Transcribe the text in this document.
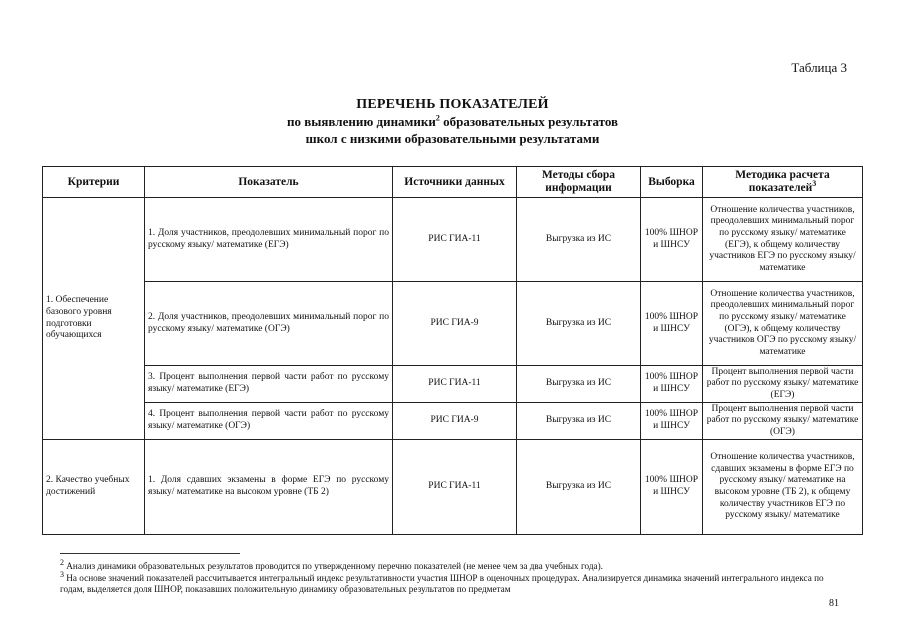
Таблица 3
ПЕРЕЧЕНЬ ПОКАЗАТЕЛЕЙ
по выявлению динамики$^2$ образовательных результатов
школ с низкими образовательными результатами
Критерии	Показатель	Источники данных	Методы сбора информации	Выборка	Методика расчета показателей$^3$
1. Обеспечение базового уровня подготовки обучающихся	1. Доля участников, преодолевших минимальный порог по русскому языку/ математике (ЕГЭ)	РИС ГИА-11	Выгрузка из ИС	100% ШНОР и ШНСУ	Отношение количества участников, преодолевших минимальный порог по русскому языку/ математике (ЕГЭ), к общему количеству участников ЕГЭ по русскому языку/ математике
	2. Доля участников, преодолевших минимальный порог по русскому языку/ математике (ОГЭ)	РИС ГИА-9	Выгрузка из ИС	100% ШНОР и ШНСУ	Отношение количества участников, преодолевших минимальный порог по русскому языку/ математике (ОГЭ), к общему количеству участников ОГЭ по русскому языку/ математике
	3. Процент выполнения первой части работ по русскому языку/ математике (ЕГЭ)	РИС ГИА-11	Выгрузка из ИС	100% ШНОР и ШНСУ	Процент выполнения первой части работ по русскому языку/ математике (ЕГЭ)
	4. Процент выполнения первой части работ по русскому языку/ математике (ОГЭ)	РИС ГИА-9	Выгрузка из ИС	100% ШНОР и ШНСУ	Процент выполнения первой части работ по русскому языку/ математике (ОГЭ)
2. Качество учебных достижений	1. Доля сдавших экзамены в форме ЕГЭ по русскому языку/ математике на высоком уровне (ТБ 2)	РИС ГИА-11	Выгрузка из ИС	100% ШНОР и ШНСУ	Отношение количества участников, сдавших экзамены в форме ЕГЭ по русскому языку/ математике на высоком уровне (ТБ 2), к общему количеству участников ЕГЭ по русскому языку/ математике

$^2$ Анализ динамики образовательных результатов проводится по утвержденному перечню показателей (не менее чем за два учебных года).

$^3$ На основе значений показателей рассчитывается интегральный индекс результативности участия ШНОР в оценочных процедурах. Анализируется динамика значений интегрального индекса по годам, выделяется доля ШНОР, показавших положительную динамику образовательных результатов по предметам

81
